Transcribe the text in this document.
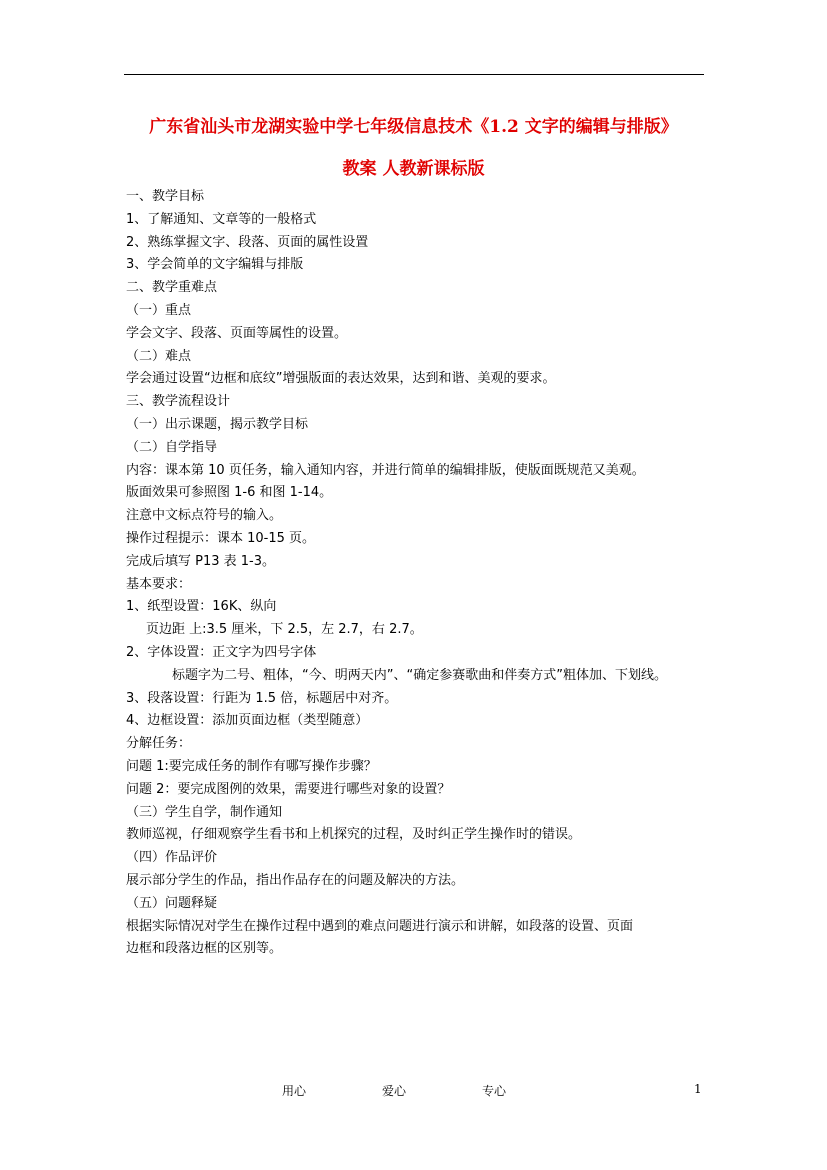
广东省汕头市龙湖实验中学七年级信息技术《1.2 文字的编辑与排版》
教案 人教新课标版
一、教学目标
1、了解通知、文章等的一般格式
2、熟练掌握文字、段落、页面的属性设置
3、学会简单的文字编辑与排版
二、教学重难点
（一）重点
学会文字、段落、页面等属性的设置。
（二）难点
学会通过设置“边框和底纹”增强版面的表达效果，达到和谐、美观的要求。
三、教学流程设计
（一）出示课题，揭示教学目标
（二）自学指导
内容：课本第 10 页任务，输入通知内容，并进行简单的编辑排版，使版面既规范又美观。
版面效果可参照图 1-6 和图 1-14。
注意中文标点符号的输入。
操作过程提示：课本 10-15 页。
完成后填写 P13 表 1-3。
基本要求：
1、纸型设置：16K、纵向
页边距 上:3.5 厘米，下 2.5，左 2.7，右 2.7。
2、字体设置：正文字为四号字体
标题字为二号、粗体，“今、明两天内”、“确定参赛歌曲和伴奏方式”粗体加、下划线。
3、段落设置：行距为 1.5 倍，标题居中对齐。
4、边框设置：添加页面边框（类型随意）
分解任务：
问题 1:要完成任务的制作有哪写操作步骤？
问题 2：要完成图例的效果，需要进行哪些对象的设置？
（三）学生自学，制作通知
教师巡视，仔细观察学生看书和上机探究的过程，及时纠正学生操作时的错误。
（四）作品评价
展示部分学生的作品，指出作品存在的问题及解决的方法。
（五）问题释疑
根据实际情况对学生在操作过程中遇到的难点问题进行演示和讲解，如段落的设置、页面
边框和段落边框的区别等。
用心	爱心	专心	1
